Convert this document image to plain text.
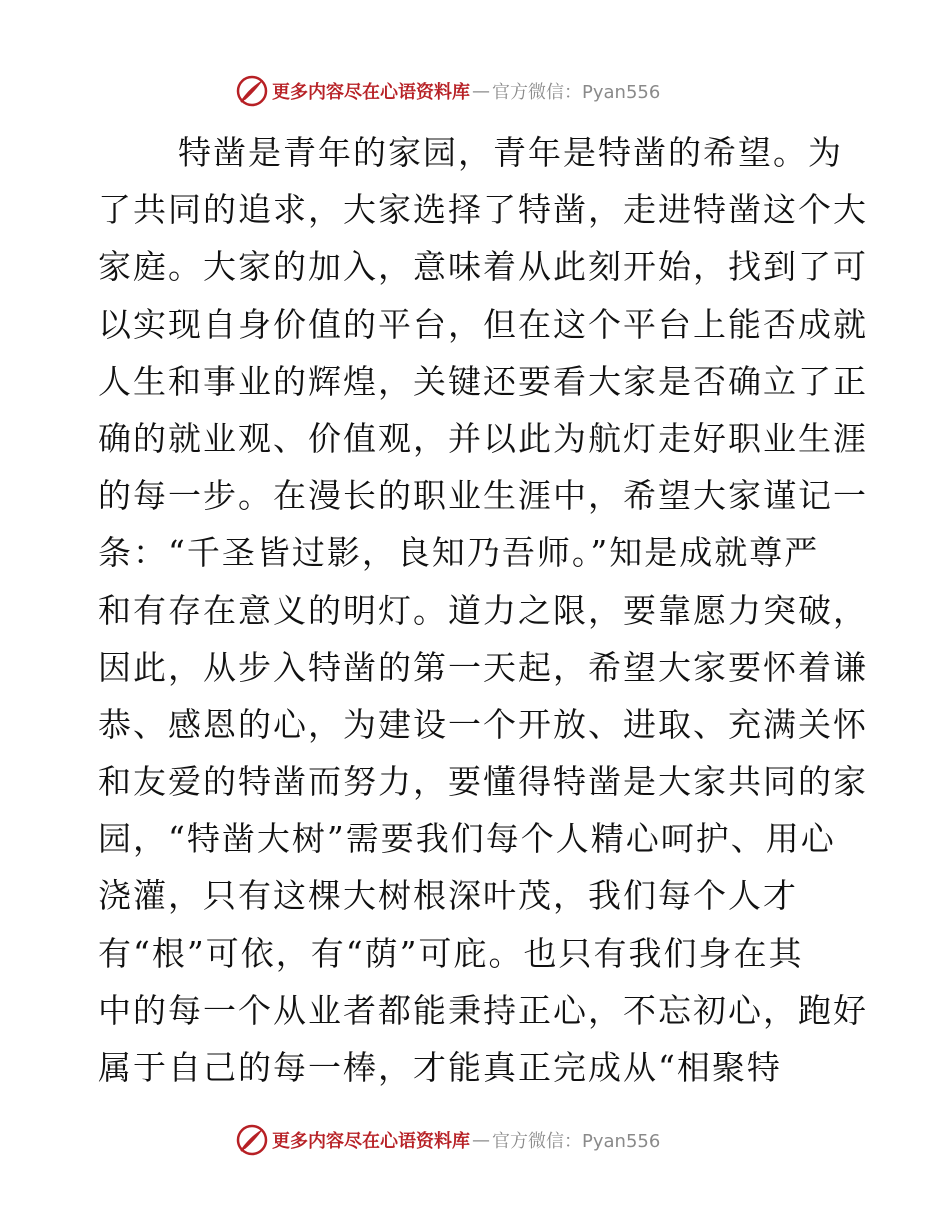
更多内容尽在心语资料库 — 官方微信：Pyan556
特凿是青年的家园，青年是特凿的希望。为
了共同的追求，大家选择了特凿，走进特凿这个大
家庭。大家的加入，意味着从此刻开始，找到了可
以实现自身价值的平台，但在这个平台上能否成就
人生和事业的辉煌，关键还要看大家是否确立了正
确的就业观、价值观，并以此为航灯走好职业生涯
的每一步。在漫长的职业生涯中，希望大家谨记一
条：“千圣皆过影，良知乃吾师。”知是成就尊严
和有存在意义的明灯。道力之限，要靠愿力突破，
因此，从步入特凿的第一天起，希望大家要怀着谦
恭、感恩的心，为建设一个开放、进取、充满关怀
和友爱的特凿而努力，要懂得特凿是大家共同的家
园，“特凿大树”需要我们每个人精心呵护、用心
浇灌，只有这棵大树根深叶茂，我们每个人才
有“根”可依，有“荫”可庇。也只有我们身在其
中的每一个从业者都能秉持正心，不忘初心，跑好
属于自己的每一棒，才能真正完成从“相聚特
更多内容尽在心语资料库 — 官方微信：Pyan556
